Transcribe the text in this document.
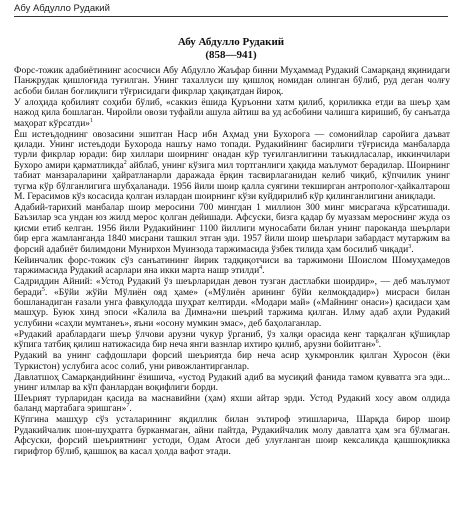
Абу Абдулло Рудакий
Абу Абдулло Рудакий
(858—941)

Форс-тожик адабиётининг асосчиси Абу Абдулло Жаъфар бинни Муҳаммад Рудакий Самарқанд яқинидаги Панжрудак қишлоғида туғилган. Унинг тахаллуси шу қишлоқ номидан олинган бўлиб, руд деган чолғу асбоби билан боғлиқлиги тўғрисидаги фикрлар ҳақиқатдан йироқ.

У алоҳида қобилият соҳиби бўлиб, «саккиз ёшида Қуръонни хатм қилиб, қориликка етди ва шеър ҳам нажод қила бошлаган. Чиройли овози туфайли ашула айтиш ва уд асбобини чалишга киришиб, бу санъатда маҳорат кўрсатди»$^1$

Ёш истеъдоднинг овозасини эшитган Наср ибн Аҳмад уни Бухорога — сомонийлар саройига даъват қилади. Унинг истеъдоди Бухорода нашъу намо топади. Рудакийнинг басирлиги тўғрисида манбаларда турли фикрлар юради: бир хиллари шоирнинг онадан кўр туғилганлигини таъкидласалар, иккинчилари Бухоро амири қарматликда$^2$ айблаб, унинг кўзига мил тортганлиги ҳақида маълумот берадилар. Шоирнинг табиат манзараларини ҳайратланарли даражада ёрқин тасвирлаганидан келиб чиқиб, кўпчилик унинг тугма кўр бўлганлигига шубҳаланади. 1956 йили шоир қалла суягини текширган антрополог-ҳайкалтарош М. Герасимов кўз косасида қолган излардан шоирнинг кўзи куйдирилиб кўр қилинганлигини аниқлади.

Адабий-тарихий манбалар шоир меросини 700 мингдан 1 миллион 300 минг мисрагача кўрсатишади. Баъзилар эса ундан юз жилд мерос қолган дейишади. Афсуски, бизга қадар бу муаззам мероснинг жуда оз қисми етиб келган. 1956 йили Рудакийнинг 1100 йиллиги муносабати билан унинг парокандa шеърлари бир ерга жамланганда 1840 мисрани ташкил этган эди. 1957 йили шоир шеърлари забардаст мутаржим ва форсий адабиёт билимдони Мунирхон Муинзода таржимасида ўзбек тилида ҳам босилиб чиқади$^3$.

Кейинчалик форс-тожик сўз санъатининг йирик тадқиқотчиси ва таржимони Шоислом Шомуҳамедов таржимасида Рудакий асарлари яна икки марта нашр этилди$^4$.

Садриддин Айний: «Устод Рудакий ўз шеърларидан девон тузган дастлабки шоирдир», — деб маълумот беради$^5$. «Бўйи жўйи Мўлиён ояд ҳаме» («Мўлиён арининг бўйи келмоқдадир») мисраси билан бошланадиган ғазали унга фавқулодда шуҳрат келтирди. «Модари май» («Майнинг онаси») қасидаси ҳам машҳур. Буюк хинд эпоси «Калила ва Димна»ни шеърий таржима қилган. Илму адаб аҳли Рудакий услубини «саҳли мумтанеъ», яъни «осону мумкин эмас», деб баҳолаганлар.

«Рудакий араблардаги шеър ўлчови арузни чукур ўрганиб, ўз халқи орасида кенг тарқалган қўшиқлар кўпига татбиқ қилиш натижасида бир неча янги вазнлар ихтиро қилиб, арузни бойитган»$^6$.

Рудакий ва унинг сафдошлари форсий шеъриятда бир неча асир ҳукмронлик қилган Хуросон (ёки Туркистон) услубига асос солиб, уни ривожлантирганлар.

Давлатшоҳ Самарқандийнинг ёзишича, «устод Рудакий адиб ва мусиқий фанида тамом қувватга эга эди... унинг илмлар ва кўп фанлардан воқифлиги борди.

Шеърият турларидан қасида ва маснавийни (ҳам) яхши айтар эрди. Устод Рудакий хосу авом олдида баланд мартабага эришган»$^7$.

Кўпгина машҳур сўз усталарининг яқдиллик билан эътироф этишларича, Шарқда бирор шоир Рудакийчалик шон-шуҳратга бурканмаган, айни пайтда, Рудакийчалик молу давлатга ҳам эга бўлмаган. Афсуски, форсий шеъриятнинг устоди, Одам Атоси деб улуғланган шоир кексаликда қашшоқликка гирифтор бўлиб, қашшоқ ва касал ҳолда вафот этади.
